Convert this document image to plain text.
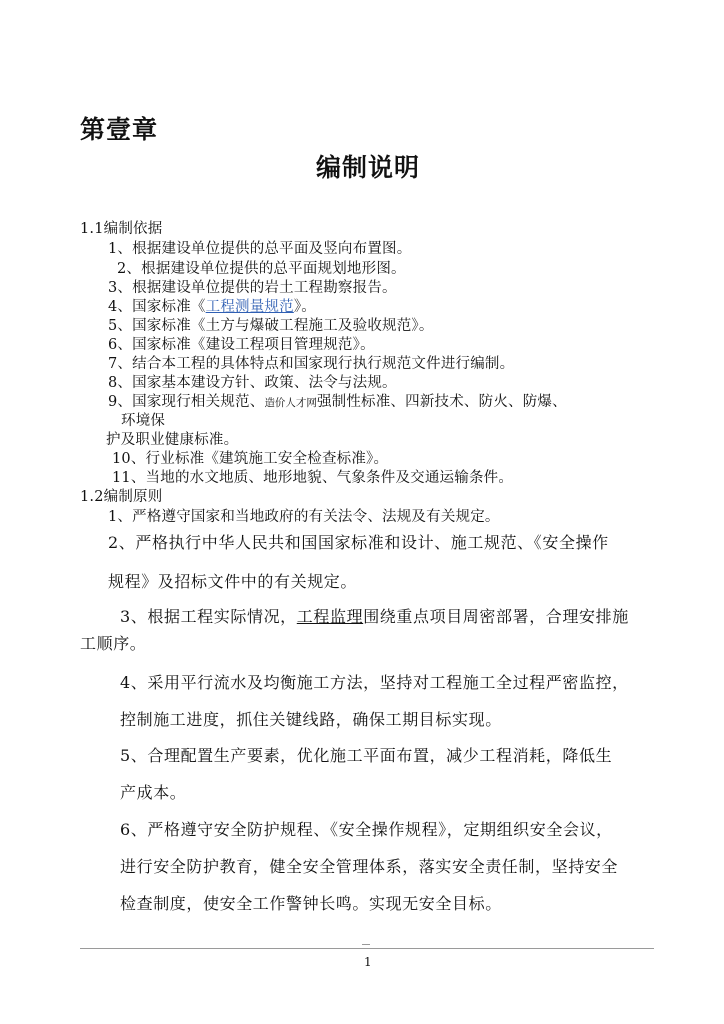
第壹章
编制说明
1.1编制依据
1、根据建设单位提供的总平面及竖向布置图。
2、根据建设单位提供的总平面规划地形图。
3、根据建设单位提供的岩土工程勘察报告。
4、国家标准《工程测量规范》。
5、国家标准《土方与爆破工程施工及验收规范》。
6、国家标准《建设工程项目管理规范》。
7、结合本工程的具体特点和国家现行执行规范文件进行编制。
8、国家基本建设方针、政策、法令与法规。
9、国家现行相关规范、造价人才网强制性标准、四新技术、防火、防爆、
环境保
护及职业健康标准。
10、行业标准《建筑施工安全检查标准》。
11、当地的水文地质、地形地貌、气象条件及交通运输条件。
1.2编制原则
1、严格遵守国家和当地政府的有关法令、法规及有关规定。
2、严格执行中华人民共和国国家标准和设计、施工规范、《安全操作
规程》及招标文件中的有关规定。
3、根据工程实际情况，工程监理围绕重点项目周密部署，合理安排施
工顺序。
4、采用平行流水及均衡施工方法，坚持对工程施工全过程严密监控，
控制施工进度，抓住关键线路，确保工期目标实现。
5、合理配置生产要素，优化施工平面布置，减少工程消耗，降低生
产成本。
6、严格遵守安全防护规程、《安全操作规程》，定期组织安全会议，
进行安全防护教育，健全安全管理体系，落实安全责任制，坚持安全
检查制度，使安全工作警钟长鸣。实现无安全目标。
1
